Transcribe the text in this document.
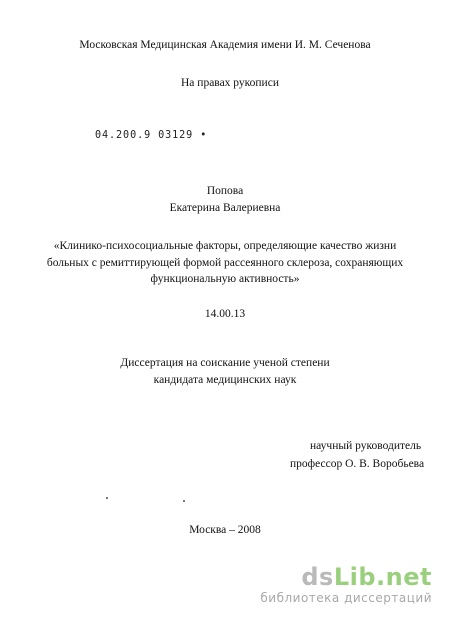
Московская Медицинская Академия имени И. М. Сеченова
На правах рукописи
04.200.9 03129 •
Попова
Екатерина Валериевна
«Клинико-психосоциальные факторы, определяющие качество жизни
больных с ремиттирующей формой рассеянного склероза, сохраняющих
функциональную активность»
14.00.13
Диссертация на соискание ученой степени
кандидата медицинских наук
научный руководитель
профессор О. В. Воробьева
Москва – 2008
dsLib.net
библиотека диссертаций
